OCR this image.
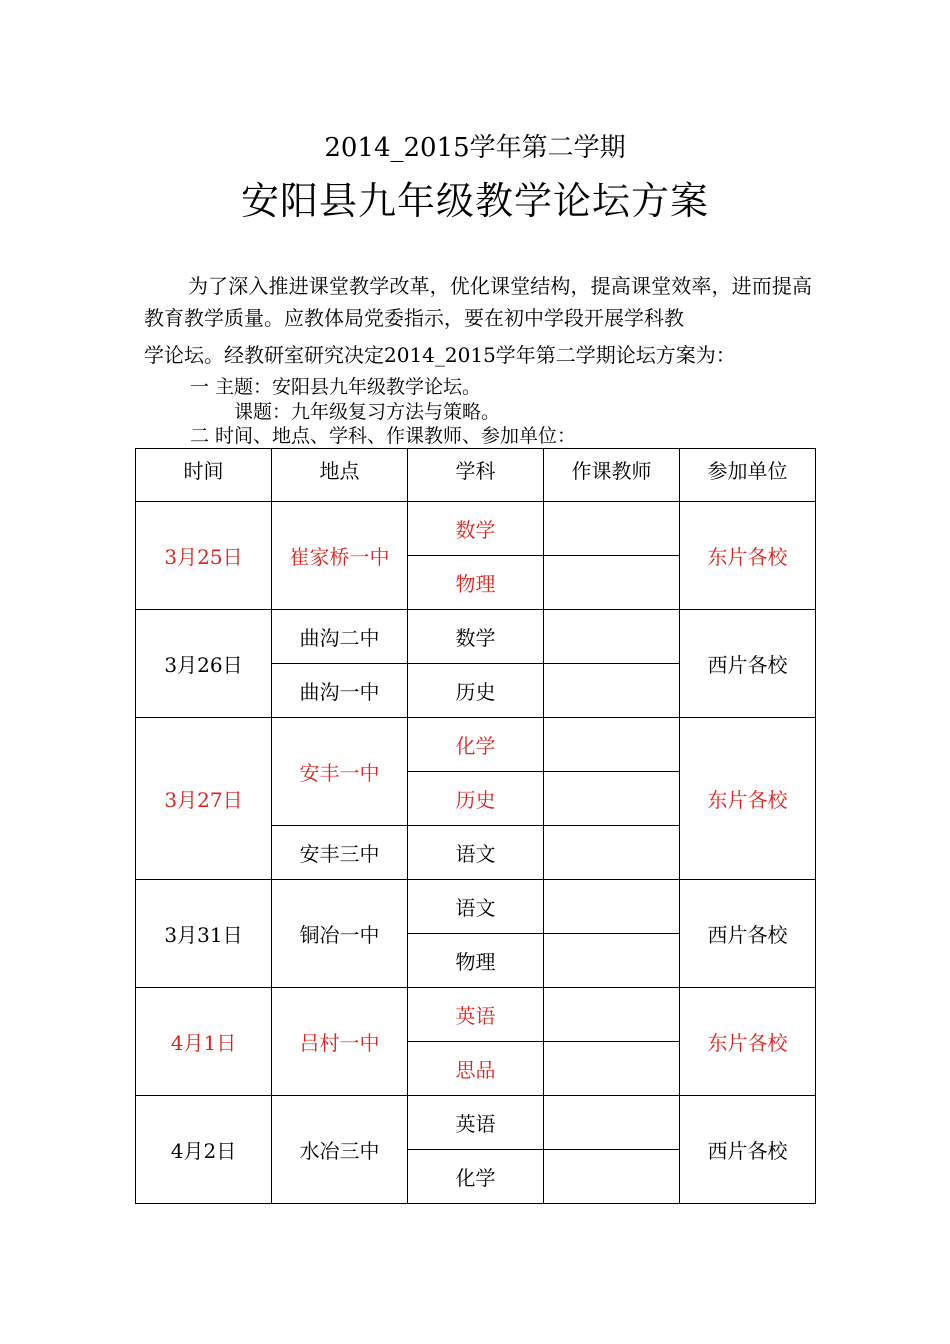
2014_2015学年第二学期
安阳县九年级教学论坛方案
为了深入推进课堂教学改革，优化课堂结构，提高课堂效率，进而提高教育教学质量。应教体局党委指示，要在初中学段开展学科教
学论坛。经教研室研究决定2014_2015学年第二学期论坛方案为：
一 主题：安阳县九年级教学论坛。
课题：九年级复习方法与策略。
二 时间、地点、学科、作课教师、参加单位：
时间	地点	学科	作课教师	参加单位
3月25日	崔家桥一中	数学		东片各校
		物理		
3月26日	曲沟二中	数学		西片各校
	曲沟一中	历史		
3月27日	安丰一中	化学		东片各校
		历史		
	安丰三中	语文		
3月31日	铜冶一中	语文		西片各校
		物理		
4月1日	吕村一中	英语		东片各校
		思品		
4月2日	水冶三中	英语		西片各校
		化学		
